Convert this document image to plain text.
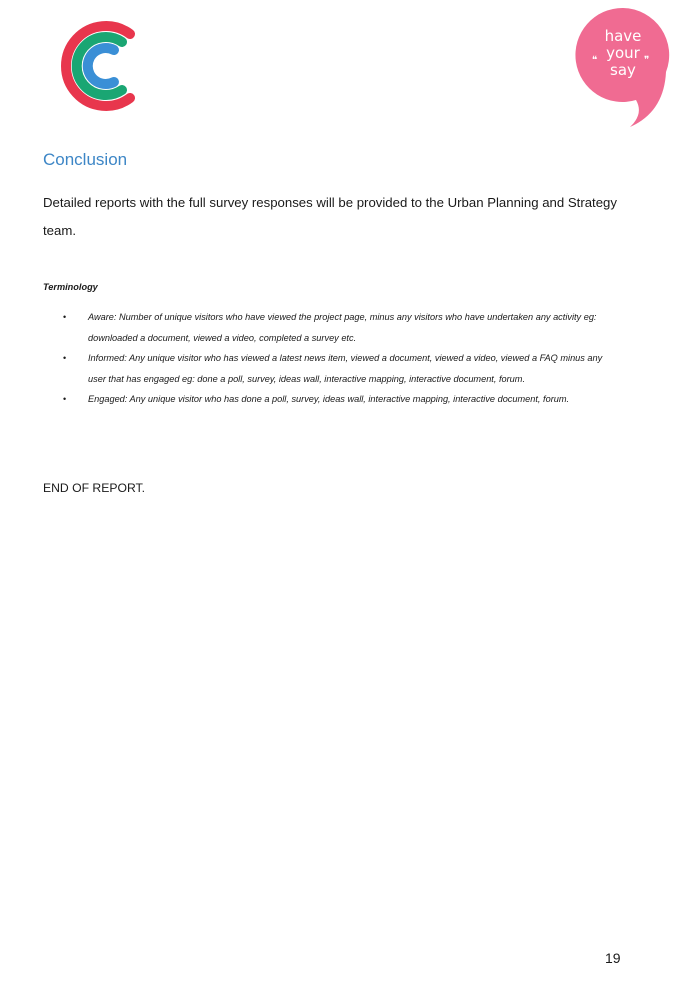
❝	❞
have
your
say
Conclusion

Detailed reports with the full survey responses will be provided to the Urban Planning and Strategy team.

Terminology

• Aware: Number of unique visitors who have viewed the project page, minus any visitors who have undertaken any activity eg: downloaded a document, viewed a video, completed a survey etc.
• Informed: Any unique visitor who has viewed a latest news item, viewed a document, viewed a video, viewed a FAQ minus any user that has engaged eg: done a poll, survey, ideas wall, interactive mapping, interactive document, forum.
• Engaged: Any unique visitor who has done a poll, survey, ideas wall, interactive mapping, interactive document, forum.

END OF REPORT.

19
